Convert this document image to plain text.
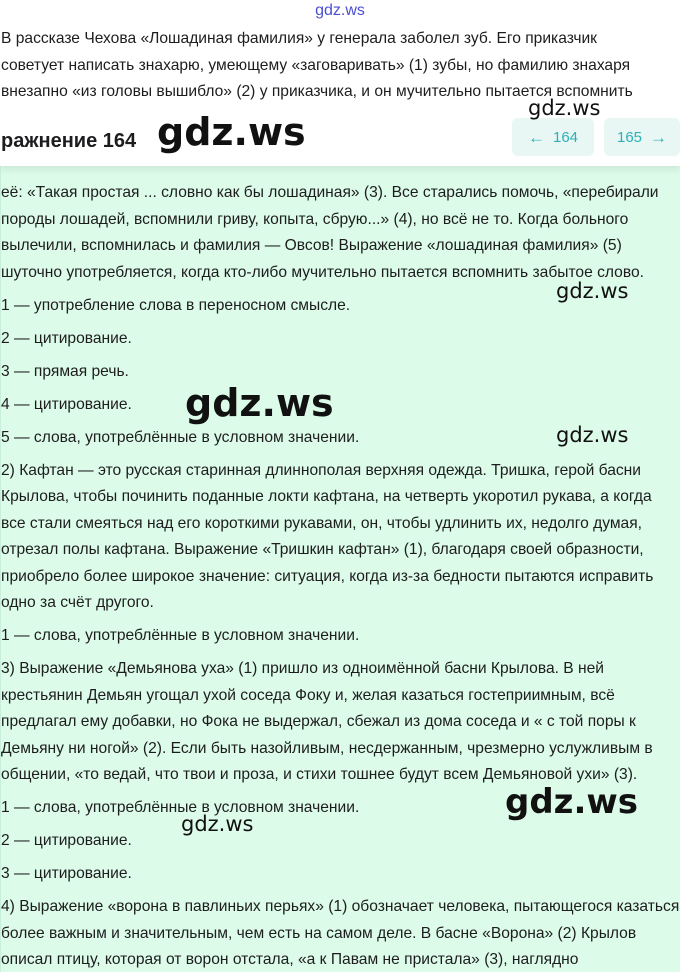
gdz.ws
В рассказе Чехова «Лошадиная фамилия» у генерала заболел зуб. Его приказчик
советует написать знахарю, умеющему «заговаривать» (1) зубы, но фамилию знахаря
внезапно «из головы вышибло» (2) у приказчика, и он мучительно пытается вспомнить
ражнение 164	← 164	165 →

её: «Такая простая ... словно как бы лошадиная» (3). Все старались помочь, «перебирали породы лошадей, вспомнили гриву, копыта, сбрую...» (4), но всё не то. Когда больного вылечили, вспомнилась и фамилия — Овсов! Выражение «лошадиная фамилия» (5) шуточно употребляется, когда кто-либо мучительно пытается вспомнить забытое слово.

1 — употребление слова в переносном смысле.

2 — цитирование.

3 — прямая речь.

4 — цитирование.

5 — слова, употреблённые в условном значении.

2) Кафтан — это русская старинная длиннополая верхняя одежда. Тришка, герой басни Крылова, чтобы починить поданные локти кафтана, на четверть укоротил рукава, а когда все стали смеяться над его короткими рукавами, он, чтобы удлинить их, недолго думая, отрезал полы кафтана. Выражение «Тришкин кафтан» (1), благодаря своей образности, приобрело более широкое значение: ситуация, когда из-за бедности пытаются исправить одно за счёт другого.

1 — слова, употреблённые в условном значении.

3) Выражение «Демьянова уха» (1) пришло из одноимённой басни Крылова. В ней крестьянин Демьян угощал ухой соседа Фоку и, желая казаться гостеприимным, всё предлагал ему добавки, но Фока не выдержал, сбежал из дома соседа и « с той поры к Демьяну ни ногой» (2). Если быть назойливым, несдержанным, чрезмерно услужливым в общении, «то ведай, что твои и проза, и стихи тошнее будут всем Демьяновой ухи» (3).

1 — слова, употреблённые в условном значении.

2 — цитирование.

3 — цитирование.

4) Выражение «ворона в павлиньих перьях» (1) обозначает человека, пытающегося казаться более важным и значительным, чем есть на самом деле. В басне «Ворона» (2) Крылов описал птицу, которая от ворон отстала, «а к Павам не пристала» (3), наглядно

gdz.ws
gdz.ws
gdz.ws
gdz.ws
gdz.ws
gdz.ws
gdz.ws
